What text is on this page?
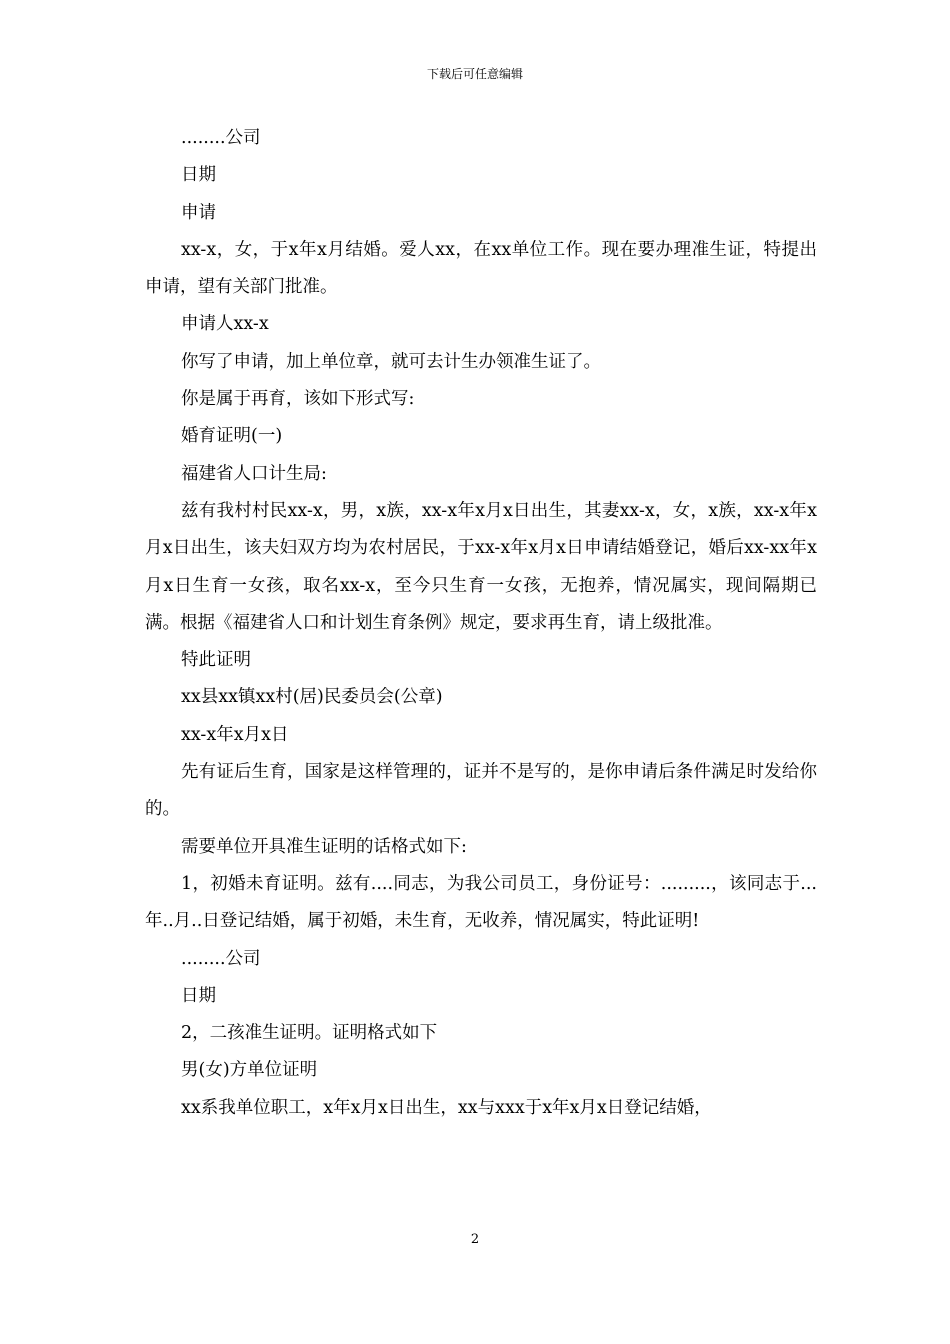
下载后可任意编辑

........公司

日期

申请

xx-x，女，于x年x月结婚。爱人xx，在xx单位工作。现在要办理准生证，特提出申请，望有关部门批准。

申请人xx-x

你写了申请，加上单位章，就可去计生办领准生证了。

你是属于再育，该如下形式写:

婚育证明(一)

福建省人口计生局:

兹有我村村民xx-x，男，x族，xx-x年x月x日出生，其妻xx-x，女，x族，xx-x年x月x日出生，该夫妇双方均为农村居民，于xx-x年x月x日申请结婚登记，婚后xx-xx年x月x日生育一女孩，取名xx-x，至今只生育一女孩，无抱养，情况属实，现间隔期已满。根据《福建省人口和计划生育条例》规定，要求再生育，请上级批准。

特此证明

xx县xx镇xx村(居)民委员会(公章)

xx-x年x月x日

先有证后生育，国家是这样管理的，证并不是写的，是你申请后条件满足时发给你的。

需要单位开具准生证明的话格式如下:

1，初婚未育证明。兹有....同志，为我公司员工，身份证号：.........，该同志于...年..月..日登记结婚，属于初婚，未生育，无收养，情况属实，特此证明!

........公司

日期

2，二孩准生证明。证明格式如下

男(女)方单位证明

xx系我单位职工，x年x月x日出生，xx与xxx于x年x月x日登记结婚，

2
